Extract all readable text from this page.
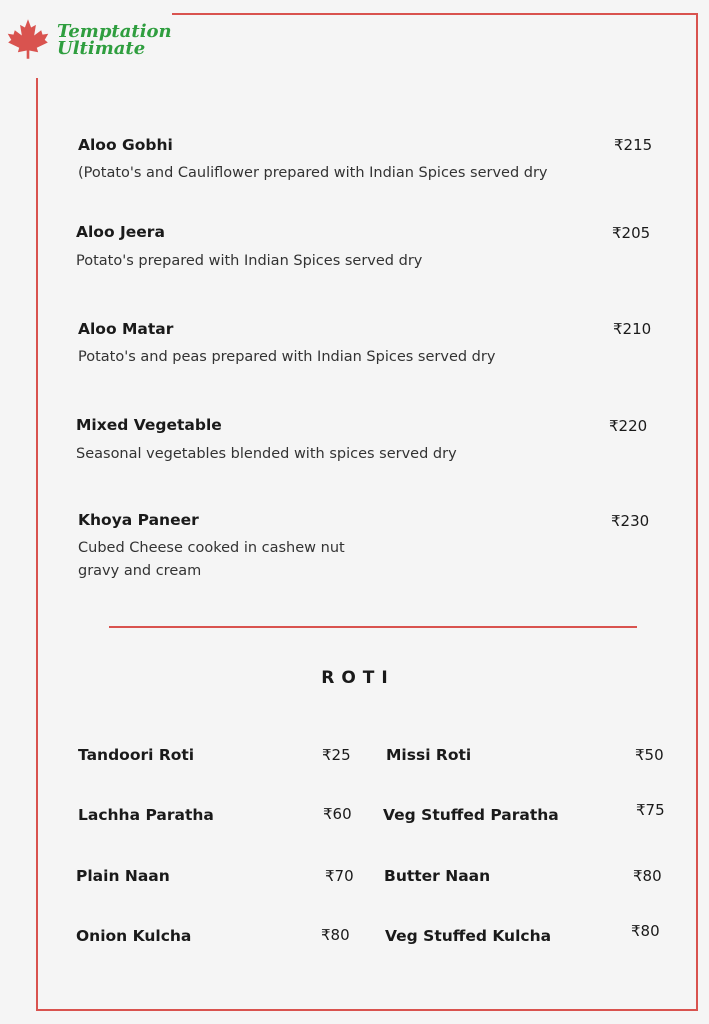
Temptation
Ultimate
Aloo Gobhi	₹215
(Potato's and Cauliflower prepared with Indian Spices served dry
Aloo Jeera	₹205
Potato's prepared with Indian Spices served dry
Aloo Matar	₹210
Potato's and peas prepared with Indian Spices served dry
Mixed Vegetable	₹220
Seasonal vegetables blended with spices served dry
Khoya Paneer	₹230
Cubed Cheese cooked in cashew nut
gravy and cream
ROTI
Tandoori Roti	₹25 Missi Roti	₹50
Lachha Paratha	₹60 Veg Stuffed Paratha	₹75
Plain Naan	₹70 Butter Naan	₹80
Onion Kulcha	₹80 Veg Stuffed Kulcha	₹80
